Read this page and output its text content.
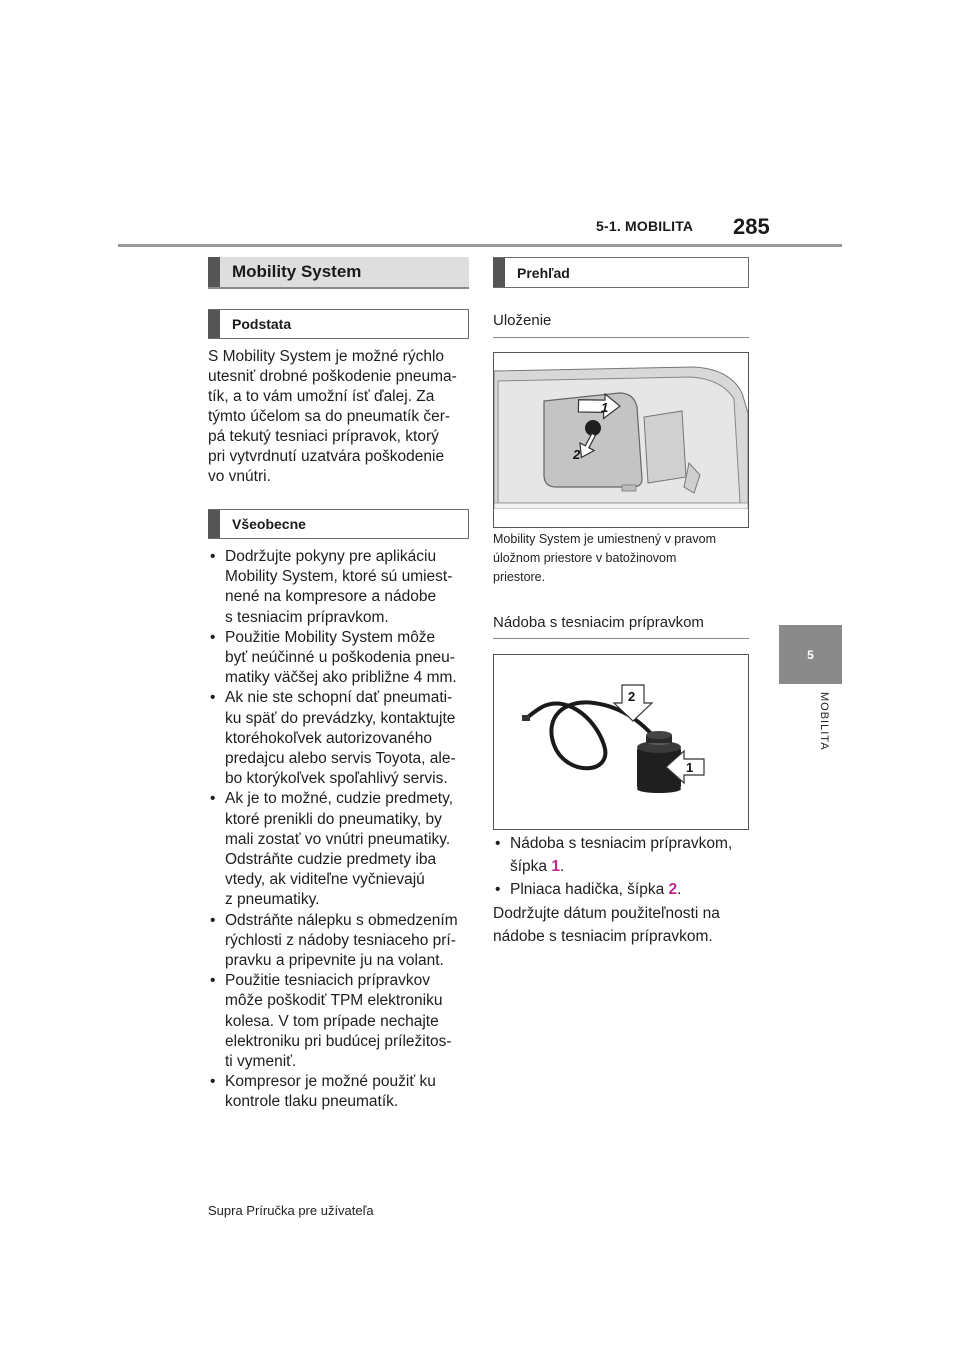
5-1. MOBILITA 285
5
MOBILITA
Mobility System
Podstata
S Mobility System je možné rýchlo
utesniť drobné poškodenie pneuma-
tík, a to vám umožní ísť ďalej. Za
týmto účelom sa do pneumatík čer-
pá tekutý tesniaci prípravok, ktorý
pri vytvrdnutí uzatvára poškodenie
vo vnútri.
Všeobecne
• Dodržujte pokyny pre aplikáciu
Mobility System, ktoré sú umiest-
nené na kompresore a nádobe
s tesniacim prípravkom.
• Použitie Mobility System môže
byť neúčinné u poškodenia pneu-
matiky väčšej ako približne 4 mm.
• Ak nie ste schopní dať pneumati-
ku späť do prevádzky, kontaktujte
ktoréhokoľvek autorizovaného
predajcu alebo servis Toyota, ale-
bo ktorýkoľvek spoľahlivý servis.
• Ak je to možné, cudzie predmety,
ktoré prenikli do pneumatiky, by
mali zostať vo vnútri pneumatiky.
Odstráňte cudzie predmety iba
vtedy, ak viditeľne vyčnievajú
z pneumatiky.
• Odstráňte nálepku s obmedzením
rýchlosti z nádoby tesniaceho prí-
pravku a pripevnite ju na volant.
• Použitie tesniacich prípravkov
môže poškodiť TPM elektroniku
kolesa. V tom prípade nechajte
elektroniku pri budúcej príležitos-
ti vymeniť.
• Kompresor je možné použiť ku
kontrole tlaku pneumatík.
Prehľad
Uloženie
1
2
Mobility System je umiestnený v pravom
úložnom priestore v batožinovom
priestore.
Nádoba s tesniacim prípravkom
2
1
• Nádoba s tesniacim prípravkom,
šípka 1.
• Plniaca hadička, šípka 2.
Dodržujte dátum použiteľnosti na
nádobe s tesniacim prípravkom.
Supra Príručka pre užívateľa
